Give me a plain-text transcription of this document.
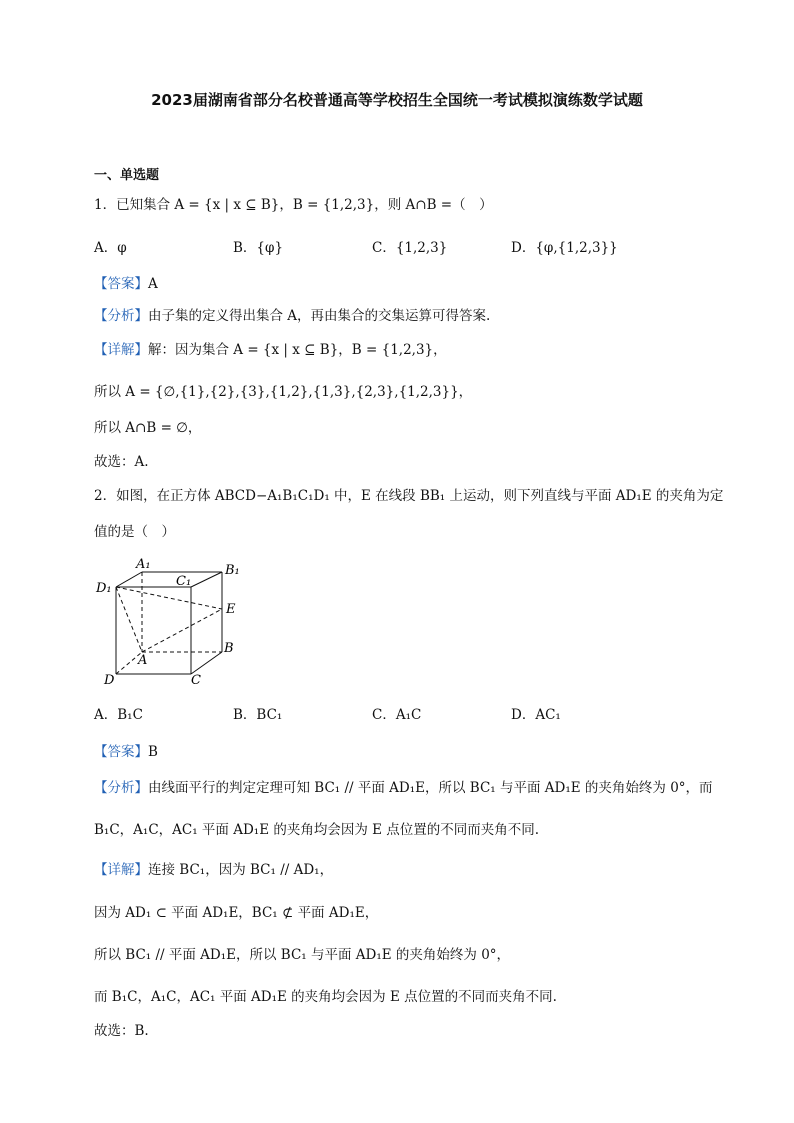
2023届湖南省部分名校普通高等学校招生全国统一考试模拟演练数学试题
一、单选题
1．已知集合 A = {x | x ⊆ B}，B = {1,2,3}，则 A∩B =（　）
A．φ	B．{φ}	C．{1,2,3}	D．{φ,{1,2,3}}
【答案】A
【分析】由子集的定义得出集合 A，再由集合的交集运算可得答案.
【详解】解：因为集合 A = {x | x ⊆ B}，B = {1,2,3}，
所以 A = {∅,{1},{2},{3},{1,2},{1,3},{2,3},{1,2,3}}，
所以 A∩B = ∅，
故选：A.
2．如图，在正方体 ABCD−A₁B₁C₁D₁ 中，E 在线段 BB₁ 上运动，则下列直线与平面 AD₁E 的夹角为定
值的是（　）
A₁	B₁
C₁
D₁
E
A
B
C
D
A．B₁C	B．BC₁	C．A₁C	D．AC₁
【答案】B
【分析】由线面平行的判定定理可知 BC₁ // 平面 AD₁E，所以 BC₁ 与平面 AD₁E 的夹角始终为 0°，而
B₁C，A₁C，AC₁ 平面 AD₁E 的夹角均会因为 E 点位置的不同而夹角不同.
【详解】连接 BC₁，因为 BC₁ // AD₁，
因为 AD₁ ⊂ 平面 AD₁E，BC₁ ⊄ 平面 AD₁E，
所以 BC₁ // 平面 AD₁E，所以 BC₁ 与平面 AD₁E 的夹角始终为 0°，
而 B₁C，A₁C，AC₁ 平面 AD₁E 的夹角均会因为 E 点位置的不同而夹角不同.
故选：B.
